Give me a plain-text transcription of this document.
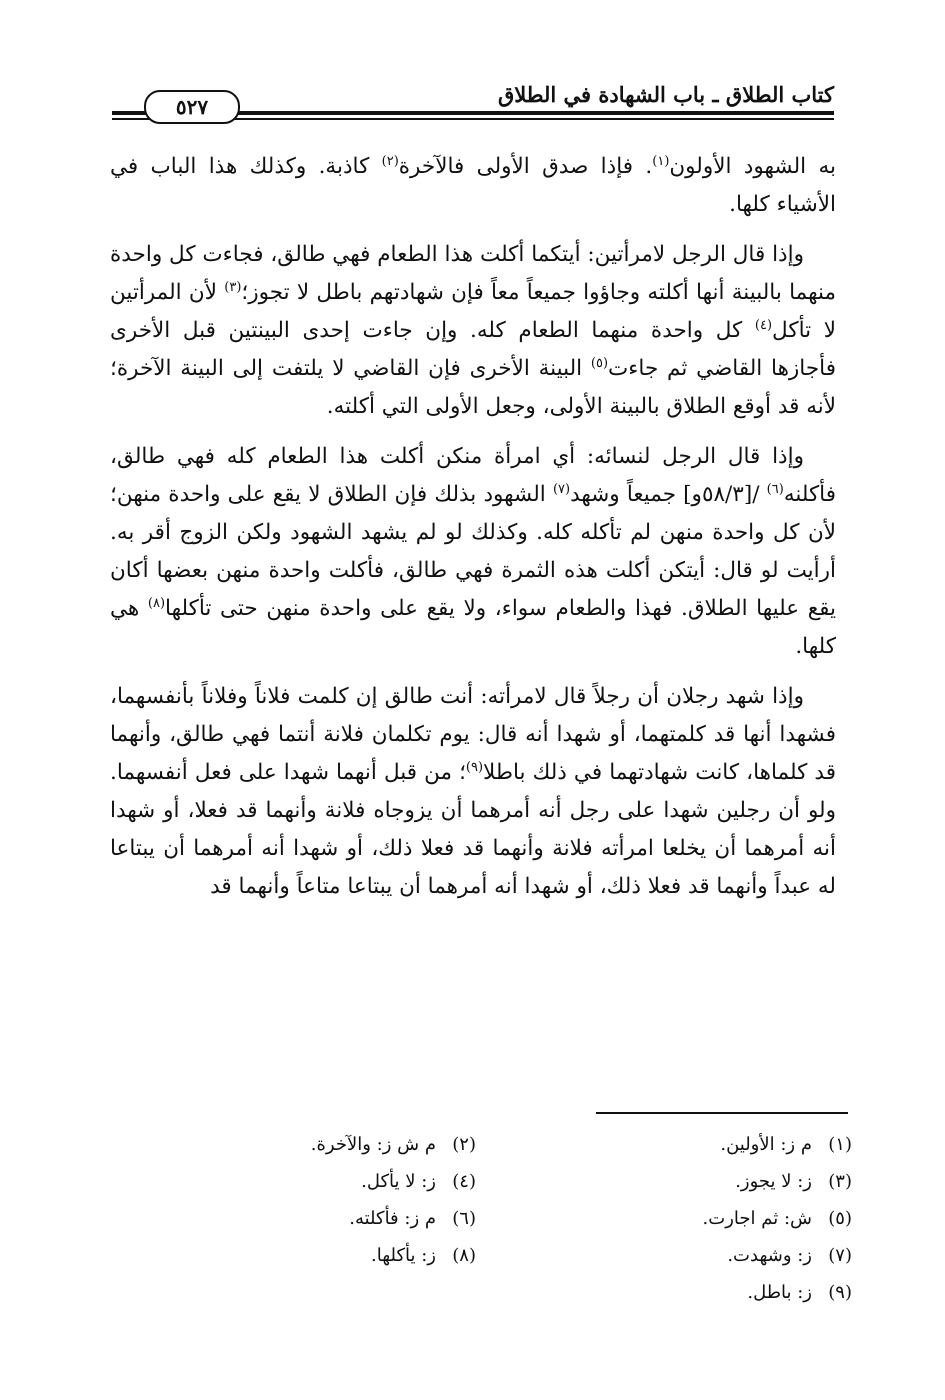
كتاب الطلاق ـ باب الشهادة في الطلاق
٥٢٧

به الشهود الأولون$^{(١)}$. فإذا صدق الأولى فالآخرة$^{(٢)}$ كاذبة. وكذلك هذا الباب في الأشياء كلها.

وإذا قال الرجل لامرأتين: أيتكما أكلت هذا الطعام فهي طالق، فجاءت كل واحدة منهما بالبينة أنها أكلته وجاؤوا جميعاً معاً فإن شهادتهم باطل لا تجوز؛$^{(٣)}$ لأن المرأتين لا تأكل$^{(٤)}$ كل واحدة منهما الطعام كله. وإن جاءت إحدى البينتين قبل الأخرى فأجازها القاضي ثم جاءت$^{(٥)}$ البينة الأخرى فإن القاضي لا يلتفت إلى البينة الآخرة؛ لأنه قد أوقع الطلاق بالبينة الأولى، وجعل الأولى التي أكلته.

وإذا قال الرجل لنسائه: أي امرأة منكن أكلت هذا الطعام كله فهي طالق، فأكلنه$^{(٦)}$ /[٥٨/٣و] جميعاً وشهد$^{(٧)}$ الشهود بذلك فإن الطلاق لا يقع على واحدة منهن؛ لأن كل واحدة منهن لم تأكله كله. وكذلك لو لم يشهد الشهود ولكن الزوج أقر به. أرأيت لو قال: أيتكن أكلت هذه الثمرة فهي طالق، فأكلت واحدة منهن بعضها أكان يقع عليها الطلاق. فهذا والطعام سواء، ولا يقع على واحدة منهن حتى تأكلها$^{(٨)}$ هي كلها.

وإذا شهد رجلان أن رجلاً قال لامرأته: أنت طالق إن كلمت فلاناً وفلاناً بأنفسهما، فشهدا أنها قد كلمتهما، أو شهدا أنه قال: يوم تكلمان فلانة أنتما فهي طالق، وأنهما قد كلماها، كانت شهادتهما في ذلك باطلا$^{(٩)}$؛ من قبل أنهما شهدا على فعل أنفسهما. ولو أن رجلين شهدا على رجل أنه أمرهما أن يزوجاه فلانة وأنهما قد فعلا، أو شهدا أنه أمرهما أن يخلعا امرأته فلانة وأنهما قد فعلا ذلك، أو شهدا أنه أمرهما أن يبتاعا له عبداً وأنهما قد فعلا ذلك، أو شهدا أنه أمرهما أن يبتاعا متاعاً وأنهما قد

(١)م ز: الأولين.
(٢)م ش ز: والآخرة.
(٣)ز: لا يجوز.
(٤)ز: لا يأكل.
(٥)ش: ثم اجارت.
(٦)م ز: فأكلته.
(٧)ز: وشهدت.
(٨)ز: يأكلها.
(٩)ز: باطل.
